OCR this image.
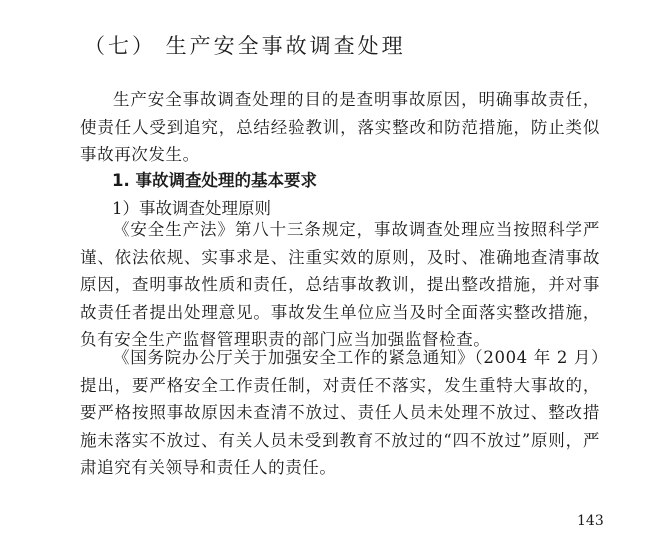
（七） 生产安全事故调查处理
生产安全事故调查处理的目的是查明事故原因，明确事故责任，使责任人受到追究，总结经验教训，落实整改和防范措施，防止类似事故再次发生。
1. 事故调查处理的基本要求
1）事故调查处理原则
《安全生产法》第八十三条规定，事故调查处理应当按照科学严谨、依法依规、实事求是、注重实效的原则，及时、准确地查清事故原因，查明事故性质和责任，总结事故教训，提出整改措施，并对事故责任者提出处理意见。事故发生单位应当及时全面落实整改措施，负有安全生产监督管理职责的部门应当加强监督检查。
《国务院办公厅关于加强安全工作的紧急通知》（2004 年 2 月）提出，要严格安全工作责任制，对责任不落实，发生重特大事故的，要严格按照事故原因未查清不放过、责任人员未处理不放过、整改措施未落实不放过、有关人员未受到教育不放过的“四不放过”原则，严肃追究有关领导和责任人的责任。
143
